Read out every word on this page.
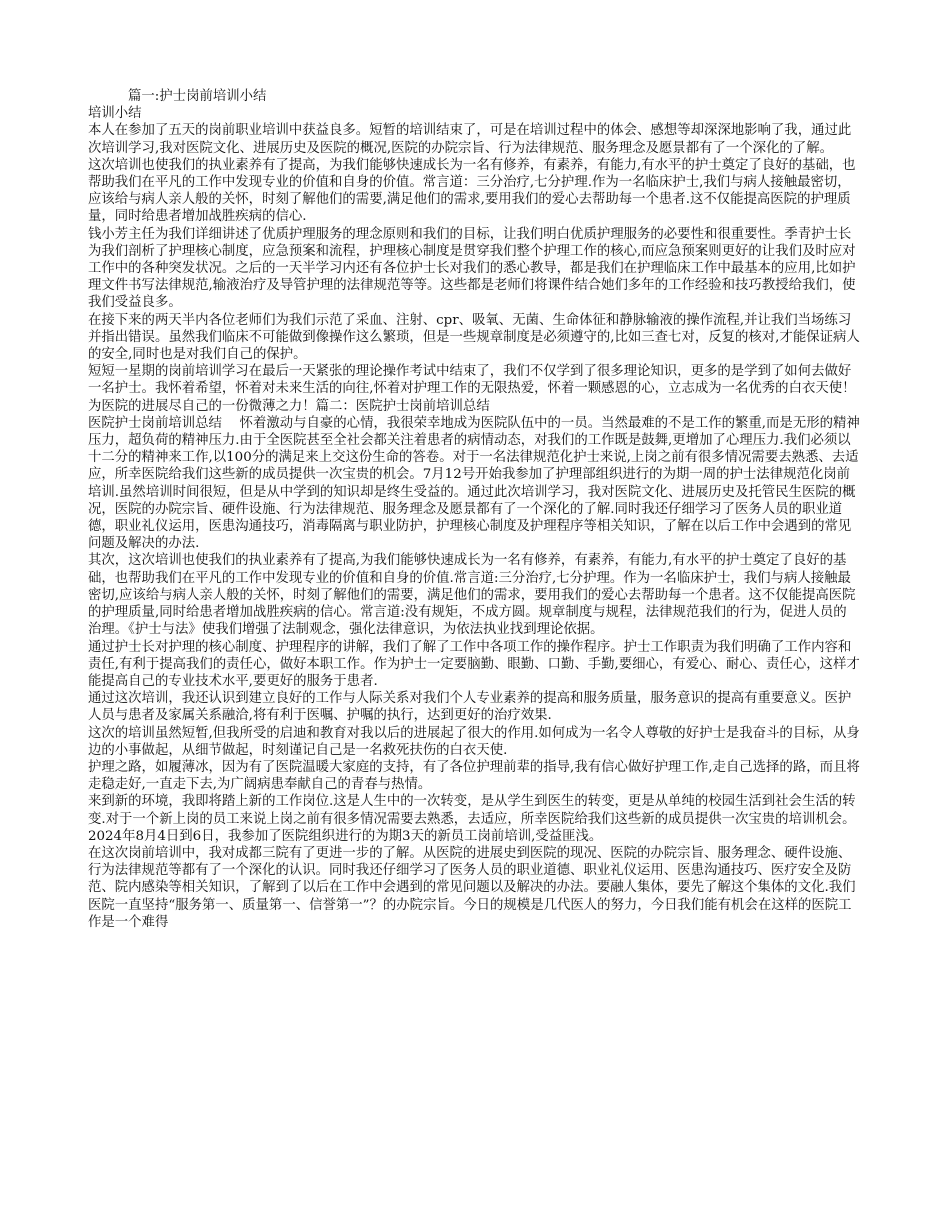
篇一:护士岗前培训小结

培训小结

本人在参加了五天的岗前职业培训中获益良多。短暂的培训结束了，可是在培训过程中的体会、感想等却深深地影响了我，通过此次培训学习,我对医院文化、进展历史及医院的概况,医院的办院宗旨、行为法律规范、服务理念及愿景都有了一个深化的了解。

这次培训也使我们的执业素养有了提高，为我们能够快速成长为一名有修养，有素养，有能力,有水平的护士奠定了良好的基础，也帮助我们在平凡的工作中发现专业的价值和自身的价值。常言道：三分治疗,七分护理.作为一名临床护士,我们与病人接触最密切，应该给与病人亲人般的关怀，时刻了解他们的需要,满足他们的需求,要用我们的爱心去帮助每一个患者.这不仅能提高医院的护理质量，同时给患者增加战胜疾病的信心.

钱小芳主任为我们详细讲述了优质护理服务的理念原则和我们的目标，让我们明白优质护理服务的必要性和很重要性。季青护士长为我们剖析了护理核心制度，应急预案和流程，护理核心制度是贯穿我们整个护理工作的核心,而应急预案则更好的让我们及时应对工作中的各种突发状况。之后的一天半学习内还有各位护士长对我们的悉心教导，都是我们在护理临床工作中最基本的应用,比如护理文件书写法律规范,输液治疗及导管护理的法律规范等等。这些都是老师们将课件结合她们多年的工作经验和技巧教授给我们，使我们受益良多。

在接下来的两天半内各位老师们为我们示范了采血、注射、cpr、吸氧、无菌、生命体征和静脉输液的操作流程,并让我们当场练习并指出错误。虽然我们临床不可能做到像操作这么繁琐，但是一些规章制度是必须遵守的,比如三查七对，反复的核对,才能保证病人的安全,同时也是对我们自己的保护。

短短一星期的岗前培训学习在最后一天紧张的理论操作考试中结束了，我们不仅学到了很多理论知识，更多的是学到了如何去做好一名护士。我怀着希望，怀着对未来生活的向往,怀着对护理工作的无限热爱，怀着一颗感恩的心，立志成为一名优秀的白衣天使！为医院的进展尽自己的一份微薄之力！篇二：医院护士岗前培训总结

医院护士岗前培训总结　 怀着激动与自豪的心情，我很荣幸地成为医院队伍中的一员。当然最难的不是工作的繁重,而是无形的精神压力，超负荷的精神压力.由于全医院甚至全社会都关注着患者的病情动态，对我们的工作既是鼓舞,更增加了心理压力.我们必须以十二分的精神来工作,以100分的满足来上交这份生命的答卷。对于一名法律规范化护士来说,上岗之前有很多情况需要去熟悉、去适应，所幸医院给我们这些新的成员提供一次宝贵的机会。7月12号开始我参加了护理部组织进行的为期一周的护士法律规范化岗前培训.虽然培训时间很短，但是从中学到的知识却是终生受益的。通过此次培训学习，我对医院文化、进展历史及托管民生医院的概况，医院的办院宗旨、硬件设施、行为法律规范、服务理念及愿景都有了一个深化的了解.同时我还仔细学习了医务人员的职业道德，职业礼仪运用，医患沟通技巧，消毒隔离与职业防护，护理核心制度及护理程序等相关知识，了解在以后工作中会遇到的常见问题及解决的办法.

其次，这次培训也使我们的执业素养有了提高,为我们能够快速成长为一名有修养，有素养，有能力,有水平的护士奠定了良好的基础，也帮助我们在平凡的工作中发现专业的价值和自身的价值.常言道:三分治疗,七分护理。作为一名临床护士，我们与病人接触最密切,应该给与病人亲人般的关怀，时刻了解他们的需要，满足他们的需求，要用我们的爱心去帮助每一个患者。这不仅能提高医院的护理质量,同时给患者增加战胜疾病的信心。常言道:没有规矩，不成方圆。规章制度与规程，法律规范我们的行为，促进人员的治理。《护士与法》使我们增强了法制观念，强化法律意识，为依法执业找到理论依据。

通过护士长对护理的核心制度、护理程序的讲解，我们了解了工作中各项工作的操作程序。护士工作职责为我们明确了工作内容和责任,有利于提高我们的责任心，做好本职工作。作为护士一定要脑勤、眼勤、口勤、手勤,要细心，有爱心、耐心、责任心，这样才能提高自己的专业技术水平,要更好的服务于患者.

通过这次培训，我还认识到建立良好的工作与人际关系对我们个人专业素养的提高和服务质量，服务意识的提高有重要意义。医护人员与患者及家属关系融洽,将有利于医嘱、护嘱的执行，达到更好的治疗效果.

这次的培训虽然短暂,但我所受的启迪和教育对我以后的进展起了很大的作用.如何成为一名令人尊敬的好护士是我奋斗的目标，从身边的小事做起，从细节做起，时刻谨记自己是一名救死扶伤的白衣天使.

护理之路，如履薄冰，因为有了医院温暖大家庭的支持，有了各位护理前辈的指导,我有信心做好护理工作,走自己选择的路，而且将走稳走好,一直走下去,为广阔病患奉献自己的青春与热情。

来到新的环境，我即将踏上新的工作岗位.这是人生中的一次转变，是从学生到医生的转变，更是从单纯的校园生活到社会生活的转变.对于一个新上岗的员工来说上岗之前有很多情况需要去熟悉，去适应，所幸医院给我们这些新的成员提供一次宝贵的培训机会。2024年8月4日到6日，我参加了医院组织进行的为期3天的新员工岗前培训,受益匪浅。

在这次岗前培训中，我对成都三院有了更进一步的了解。从医院的进展史到医院的现况、医院的办院宗旨、服务理念、硬件设施、行为法律规范等都有了一个深化的认识。同时我还仔细学习了医务人员的职业道德、职业礼仪运用、医患沟通技巧、医疗安全及防范、院内感染等相关知识，了解到了以后在工作中会遇到的常见问题以及解决的办法。要融人集体，要先了解这个集体的文化.我们医院一直坚持“服务第一、质量第一、信誉第一”？的办院宗旨。今日的规模是几代医人的努力，今日我们能有机会在这样的医院工作是一个难得
